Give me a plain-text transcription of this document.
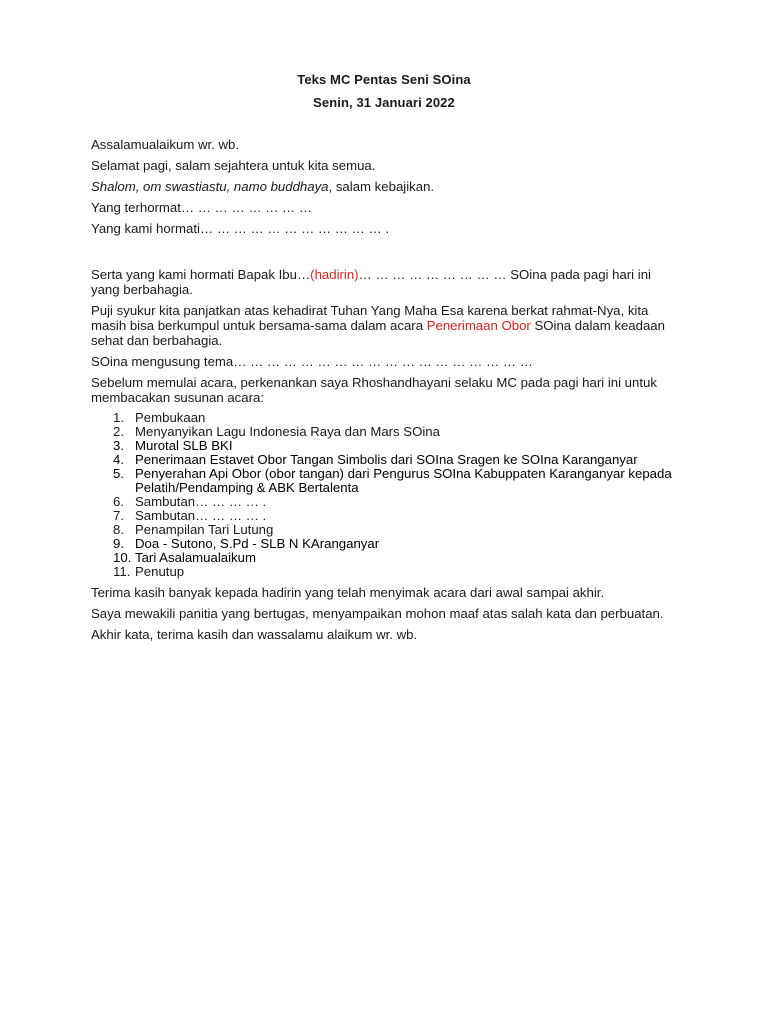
Teks MC Pentas Seni SOina
Senin, 31 Januari 2022

Assalamualaikum wr. wb.

Selamat pagi, salam sejahtera untuk kita semua.

Shalom, om swastiastu, namo buddhaya, salam kebajikan.

Yang terhormat… … … … … … … …

Yang kami hormati… … … … … … … … … … … .

Serta yang kami hormati Bapak Ibu…(hadirin)… … … … … … … … … SOina pada pagi hari ini yang berbahagia.

Puji syukur kita panjatkan atas kehadirat Tuhan Yang Maha Esa karena berkat rahmat-Nya, kita masih bisa berkumpul untuk bersama-sama dalam acara Penerimaan Obor SOina dalam keadaan sehat dan berbahagia.

SOina mengusung tema… … … … … … … … … … … … … … … … … …

Sebelum memulai acara, perkenankan saya Rhoshandhayani selaku MC pada pagi hari ini untuk membacakan susunan acara:

1. Pembukaan
2. Menyanyikan Lagu Indonesia Raya dan Mars SOina
3. Murotal SLB BKI
4. Penerimaan Estavet Obor Tangan Simbolis dari SOIna Sragen ke SOIna Karanganyar
5. Penyerahan Api Obor (obor tangan) dari Pengurus SOIna Kabuppaten Karanganyar kepada Pelatih/Pendamping & ABK Bertalenta
6. Sambutan… … … … .
7. Sambutan… … … … .
8. Penampilan Tari Lutung
9. Doa - Sutono, S.Pd - SLB N KAranganyar
10. Tari Asalamualaikum
11. Penutup

Terima kasih banyak kepada hadirin yang telah menyimak acara dari awal sampai akhir.

Saya mewakili panitia yang bertugas, menyampaikan mohon maaf atas salah kata dan perbuatan.

Akhir kata, terima kasih dan wassalamu alaikum wr. wb.
